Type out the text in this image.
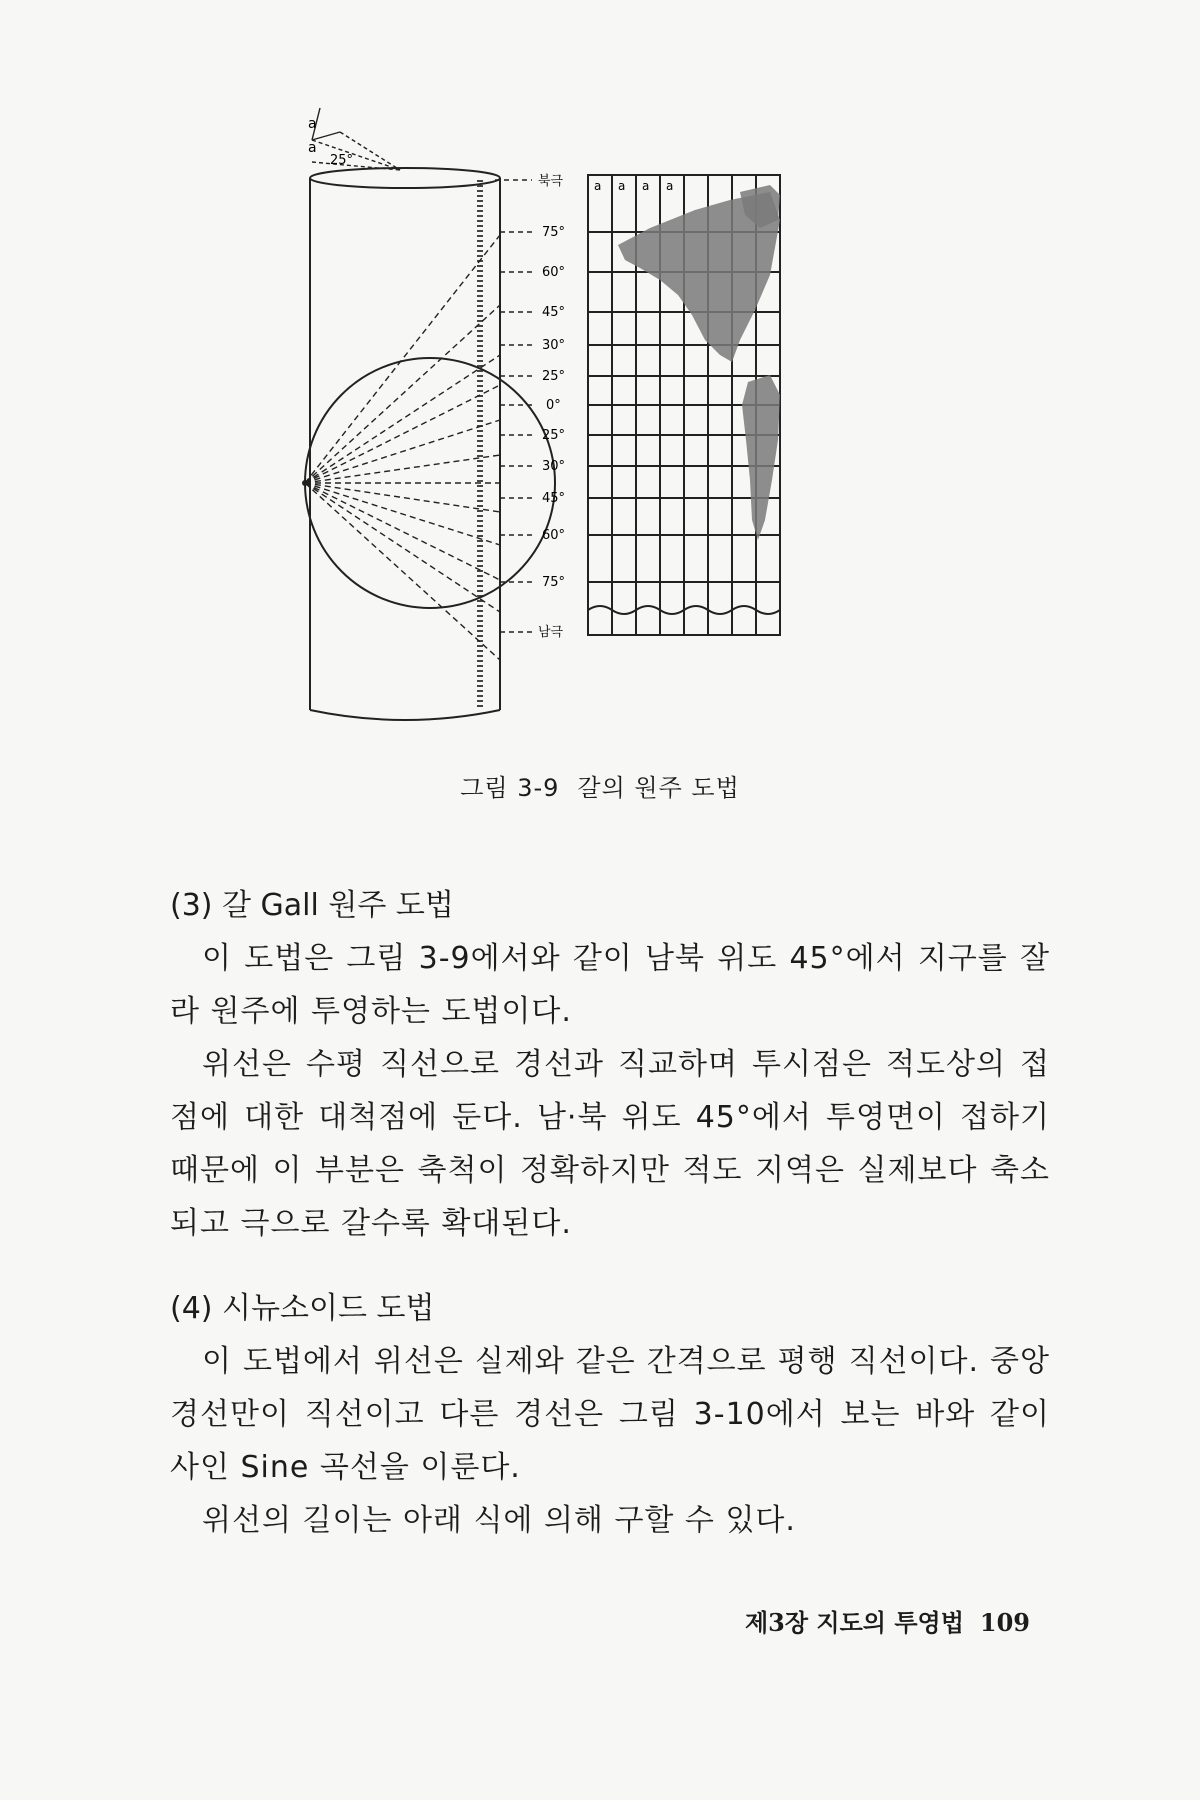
a
a
25°
북극
75°
60°
45°
30°
25°
0°
25°
30°
45°
60°
75°
남극
a a a a
그림 3-9 갈의 원주 도법

(3) 갈 Gall 원주 도법

이 도법은 그림 3-9에서와 같이 남북 위도 45°에서 지구를 잘라 원주에 투영하는 도법이다.

위선은 수평 직선으로 경선과 직교하며 투시점은 적도상의 접점에 대한 대척점에 둔다. 남·북 위도 45°에서 투영면이 접하기 때문에 이 부분은 축척이 정확하지만 적도 지역은 실제보다 축소되고 극으로 갈수록 확대된다.

(4) 시뉴소이드 도법

이 도법에서 위선은 실제와 같은 간격으로 평행 직선이다. 중앙 경선만이 직선이고 다른 경선은 그림 3-10에서 보는 바와 같이 사인 Sine 곡선을 이룬다.

위선의 길이는 아래 식에 의해 구할 수 있다.

제3장 지도의 투영법 109
